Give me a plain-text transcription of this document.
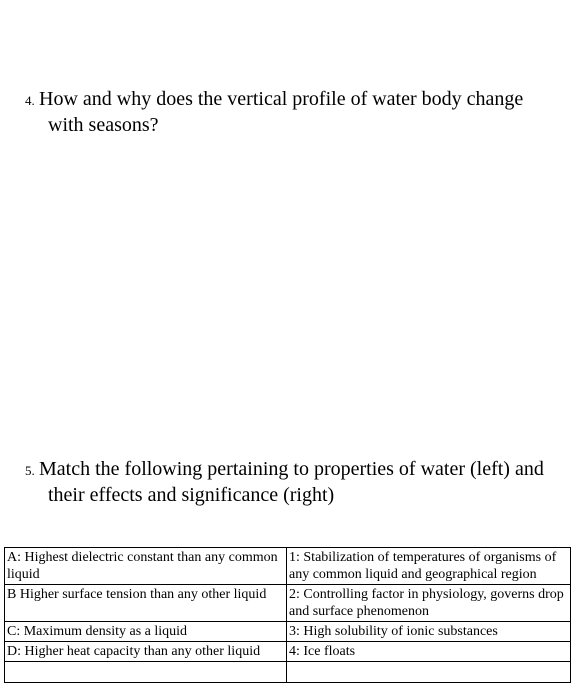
4. How and why does the vertical profile of water body change
with seasons?
5. Match the following pertaining to properties of water (left) and
their effects and significance (right)
A: Highest dielectric constant than any common liquid	1: Stabilization of temperatures of organisms of any common liquid and geographical region
B Higher surface tension than any other liquid	2: Controlling factor in physiology, governs drop and surface phenomenon
C: Maximum density as a liquid	3: High solubility of ionic substances
D: Higher heat capacity than any other liquid	4: Ice floats
